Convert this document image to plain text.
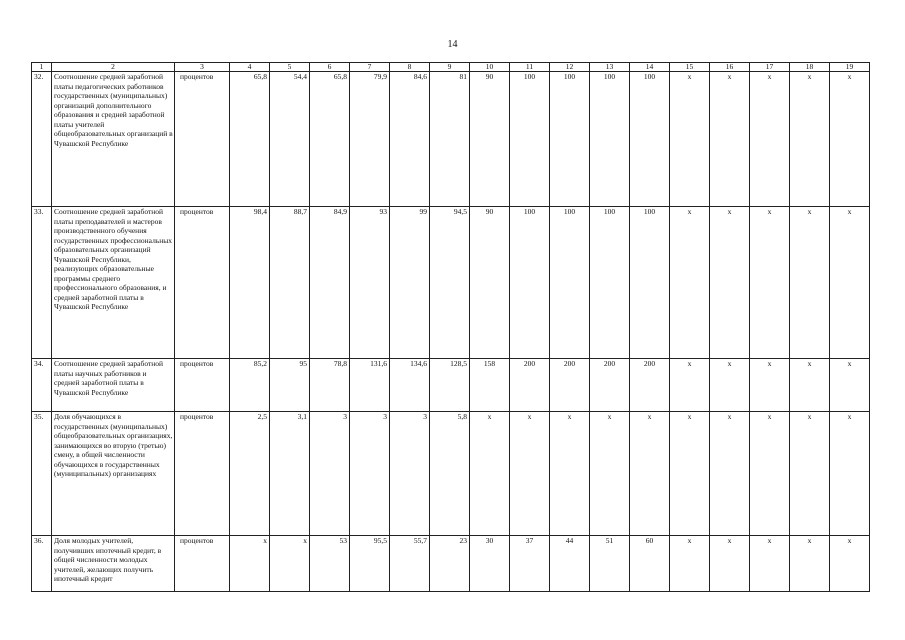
14
1	2	3	4	5	6	7	8	9	10	11	12	13	14	15	16	17	18	19
32.	Соотношение средней заработной платы педагогических работников государственных (муниципальных) организаций дополнительного образования и средней заработной платы учителей общеобразовательных организаций в Чувашской Республике	процентов	65,8	54,4	65,8	79,9	84,6	81	90	100	100	100	100	x	x	x	x	x
33.	Соотношение средней заработной платы преподавателей и мастеров производственного обучения государственных профессиональных образовательных организаций Чувашской Республики, реализующих образовательные программы среднего профессионального образования, и средней заработной платы в Чувашской Республике	процентов	98,4	88,7	84,9	93	99	94,5	90	100	100	100	100	x	x	x	x	x
34.	Соотношение средней заработной платы научных работников и средней заработной платы в Чувашской Республике	процентов	85,2	95	78,8	131,6	134,6	128,5	158	200	200	200	200	x	x	x	x	x
35.	Доля обучающихся в государственных (муниципальных) общеобразовательных организациях, занимающихся во вторую (третью) смену, в общей численности обучающихся в государственных (муниципальных) организациях	процентов	2,5	3,1	3	3	3	5,8	x	x	x	x	x	x	x	x	x	x
36.	Доля молодых учителей, получивших ипотечный кредит, в общей численности молодых учителей, желающих получить ипотечный кредит	процентов	x	x	53	95,5	55,7	23	30	37	44	51	60	x	x	x	x	x
